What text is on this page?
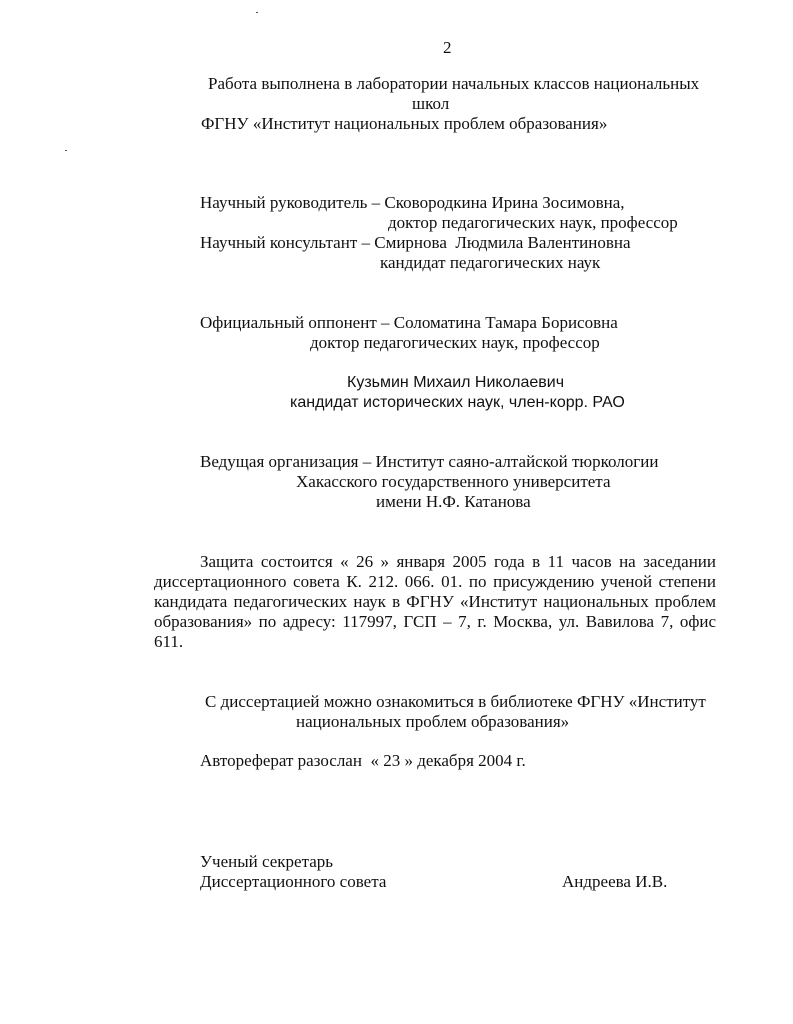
2
Работа выполнена в лаборатории начальных классов национальных
школ
ФГНУ «Институт национальных проблем образования»
Научный руководитель – Сковородкина Ирина Зосимовна,
доктор педагогических наук, профессор
Научный консультант – Смирнова  Людмила Валентиновна
кандидат педагогических наук
Официальный оппонент – Соломатина Тамара Борисовна
доктор педагогических наук, профессор
Кузьмин Михаил Николаевич
кандидат исторических наук, член-корр. РАО
Ведущая организация – Институт саяно-алтайской тюркологии
Хакасского государственного университета
имени Н.Ф. Катанова
Защита состоится « 26 » января 2005 года в 11 часов на заседании
диссертационного совета К. 212. 066. 01. по присуждению ученой степени
кандидата педагогических наук в ФГНУ «Институт национальных проблем
образования» по адресу: 117997, ГСП – 7, г. Москва, ул. Вавилова 7, офис
611.
С диссертацией можно ознакомиться в библиотеке ФГНУ «Институт
национальных проблем образования»
Автореферат разослан  « 23 » декабря 2004 г.
Ученый секретарь
Диссертационного совета	Андреева И.В.
